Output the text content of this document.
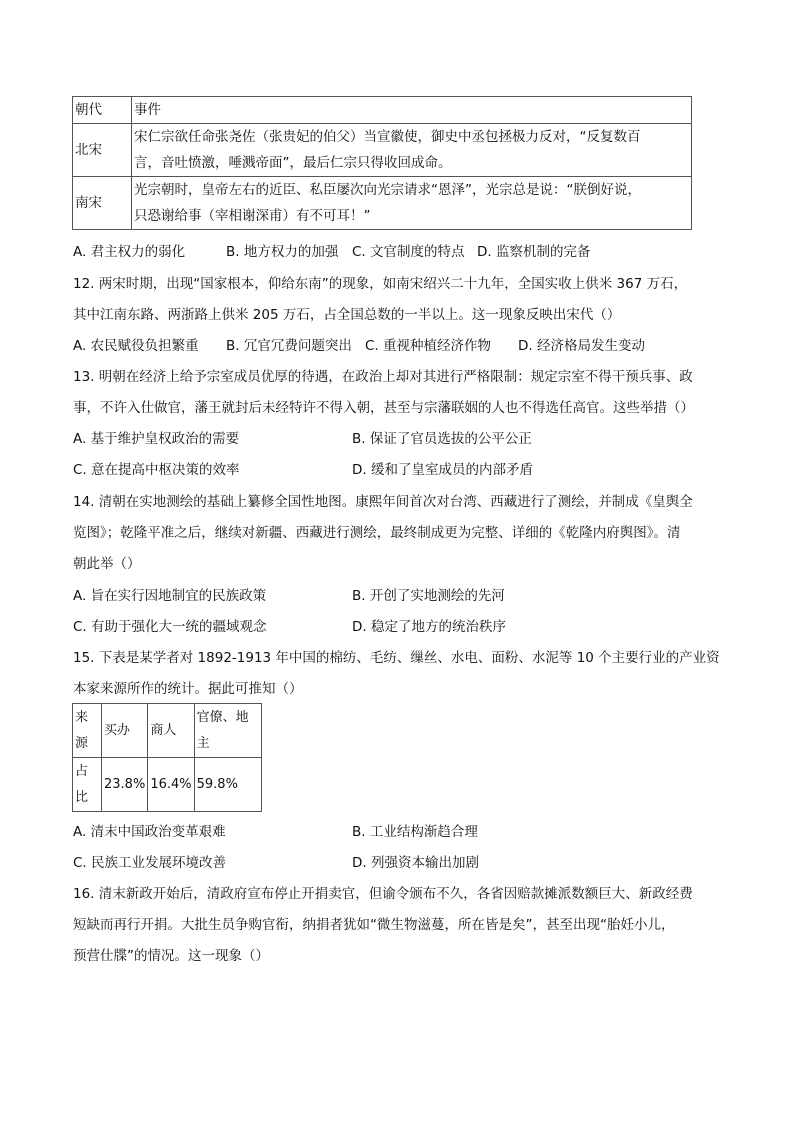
朝代	事件
北宋	宋仁宗欲任命张尧佐（张贵妃的伯父）当宣徽使，御史中丞包拯极力反对，“反复数百
言，音吐愤激，唾溅帝面”，最后仁宗只得收回成命。

南宋	光宗朝时，皇帝左右的近臣、私臣屡次向光宗请求“恩泽”，光宗总是说：“朕倒好说，
只恐谢给事（宰相谢深甫）有不可耳！”
A. 君主权力的弱化	B. 地方权力的加强 C. 文官制度的特点 D. 监察机制的完备
12. 两宋时期，出现“国家根本，仰给东南”的现象，如南宋绍兴二十九年，全国实收上供米 367 万石，
其中江南东路、两浙路上供米 205 万石，占全国总数的一半以上。这一现象反映出宋代（）
A. 农民赋役负担繁重 B. 冗官冗费问题突出 C. 重视种植经济作物 D. 经济格局发生变动
13. 明朝在经济上给予宗室成员优厚的待遇，在政治上却对其进行严格限制：规定宗室不得干预兵事、政
事，不许入仕做官，藩王就封后未经特许不得入朝，甚至与宗藩联姻的人也不得选任高官。这些举措（）
A. 基于维护皇权政治的需要	B. 保证了官员选拔的公平公正
C. 意在提高中枢决策的效率	D. 缓和了皇室成员的内部矛盾
14. 清朝在实地测绘的基础上纂修全国性地图。康熙年间首次对台湾、西藏进行了测绘，并制成《皇舆全
览图》；乾隆平准之后，继续对新疆、西藏进行测绘，最终制成更为完整、详细的《乾隆内府舆图》。清
朝此举（）
A. 旨在实行因地制宜的民族政策	B. 开创了实地测绘的先河
C. 有助于强化大一统的疆域观念	D. 稳定了地方的统治秩序
15. 下表是某学者对 1892-1913 年中国的棉纺、毛纺、缫丝、水电、面粉、水泥等 10 个主要行业的产业资
本家来源所作的统计。据此可推知（）
来源	买办	商人	官僚、地主
占比	23.8%	16.4%	59.8%
A. 清末中国政治变革艰难	B. 工业结构渐趋合理
C. 民族工业发展环境改善	D. 列强资本输出加剧
16. 清末新政开始后，清政府宣布停止开捐卖官，但谕令颁布不久，各省因赔款摊派数额巨大、新政经费
短缺而再行开捐。大批生员争购官衔，纳捐者犹如“微生物滋蔓，所在皆是矣”，甚至出现“胎妊小儿，
预营仕牒”的情况。这一现象（）
